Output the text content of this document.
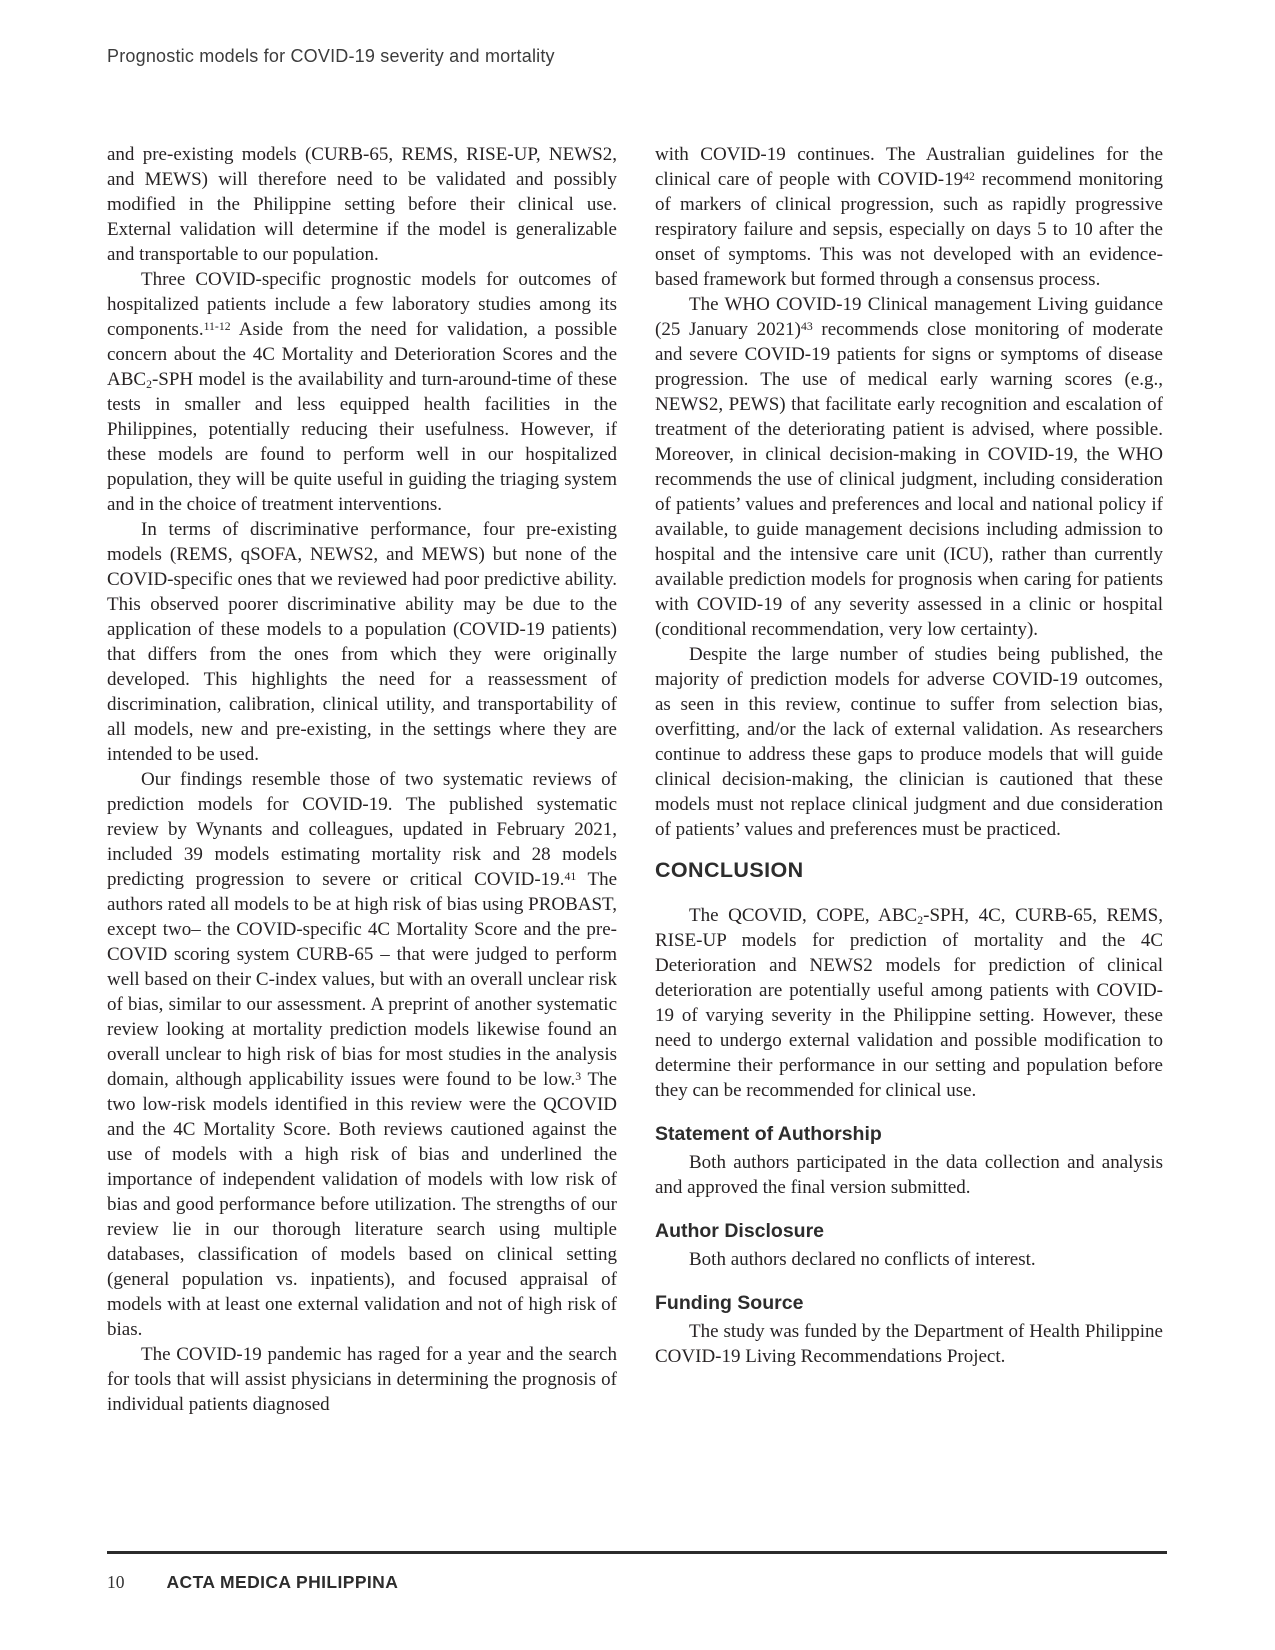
Prognostic models for COVID-19 severity and mortality

and pre-existing models (CURB-65, REMS, RISE-UP, NEWS2, and MEWS) will therefore need to be validated and possibly modified in the Philippine setting before their clinical use. External validation will determine if the model is generalizable and transportable to our population.

Three COVID-specific prognostic models for outcomes of hospitalized patients include a few laboratory studies among its components.$^{11-12}$ Aside from the need for validation, a possible concern about the 4C Mortality and Deterioration Scores and the $ABC_2$-SPH model is the availability and turn-around-time of these tests in smaller and less equipped health facilities in the Philippines, potentially reducing their usefulness. However, if these models are found to perform well in our hospitalized population, they will be quite useful in guiding the triaging system and in the choice of treatment interventions.

In terms of discriminative performance, four pre-existing models (REMS, qSOFA, NEWS2, and MEWS) but none of the COVID-specific ones that we reviewed had poor predictive ability. This observed poorer discriminative ability may be due to the application of these models to a population (COVID-19 patients) that differs from the ones from which they were originally developed. This highlights the need for a reassessment of discrimination, calibration, clinical utility, and transportability of all models, new and pre-existing, in the settings where they are intended to be used.

Our findings resemble those of two systematic reviews of prediction models for COVID-19. The published systematic review by Wynants and colleagues, updated in February 2021, included 39 models estimating mortality risk and 28 models predicting progression to severe or critical COVID-19.41 The authors rated all models to be at high risk of bias using PROBAST, except two– the COVID-specific 4C Mortality Score and the pre-COVID scoring system CURB-65 – that were judged to perform well based on their C-index values, but with an overall unclear risk of bias, similar to our assessment. A preprint of another systematic review looking at mortality prediction models likewise found an overall unclear to high risk of bias for most studies in the analysis domain, although applicability issues were found to be low.$^3$ The two low-risk models identified in this review were the QCOVID and the 4C Mortality Score. Both reviews cautioned against the use of models with a high risk of bias and underlined the importance of independent validation of models with low risk of bias and good performance before utilization. The strengths of our review lie in our thorough literature search using multiple databases, classification of models based on clinical setting (general population vs. inpatients), and focused appraisal of models with at least one external validation and not of high risk of bias.

The COVID-19 pandemic has raged for a year and the search for tools that will assist physicians in determining the prognosis of individual patients diagnosed

with COVID-19 continues. The Australian guidelines for the clinical care of people with COVID-$19^{42}$ recommend monitoring of markers of clinical progression, such as rapidly progressive respiratory failure and sepsis, especially on days 5 to 10 after the onset of symptoms. This was not developed with an evidence-based framework but formed through a consensus process.

The WHO COVID-19 Clinical management Living guidance (25 January 2021)$^{43}$ recommends close monitoring of moderate and severe COVID-19 patients for signs or symptoms of disease progression. The use of medical early warning scores (e.g., NEWS2, PEWS) that facilitate early recognition and escalation of treatment of the deteriorating patient is advised, where possible. Moreover, in clinical decision-making in COVID-19, the WHO recommends the use of clinical judgment, including consideration of patients’ values and preferences and local and national policy if available, to guide management decisions including admission to hospital and the intensive care unit (ICU), rather than currently available prediction models for prognosis when caring for patients with COVID-19 of any severity assessed in a clinic or hospital (conditional recommendation, very low certainty).

Despite the large number of studies being published, the majority of prediction models for adverse COVID-19 outcomes, as seen in this review, continue to suffer from selection bias, overfitting, and/or the lack of external validation. As researchers continue to address these gaps to produce models that will guide clinical decision-making, the clinician is cautioned that these models must not replace clinical judgment and due consideration of patients’ values and preferences must be practiced.

CONCLUSION

The QCOVID, COPE, $ABC_2$-SPH, 4C, CURB-65, REMS, RISE-UP models for prediction of mortality and the 4C Deterioration and NEWS2 models for prediction of clinical deterioration are potentially useful among patients with COVID-19 of varying severity in the Philippine setting. However, these need to undergo external validation and possible modification to determine their performance in our setting and population before they can be recommended for clinical use.

Statement of Authorship

Both authors participated in the data collection and analysis and approved the final version submitted.

Author Disclosure

Both authors declared no conflicts of interest.

Funding Source

The study was funded by the Department of Health Philippine COVID-19 Living Recommendations Project.

10 ACTA MEDICA PHILIPPINA
